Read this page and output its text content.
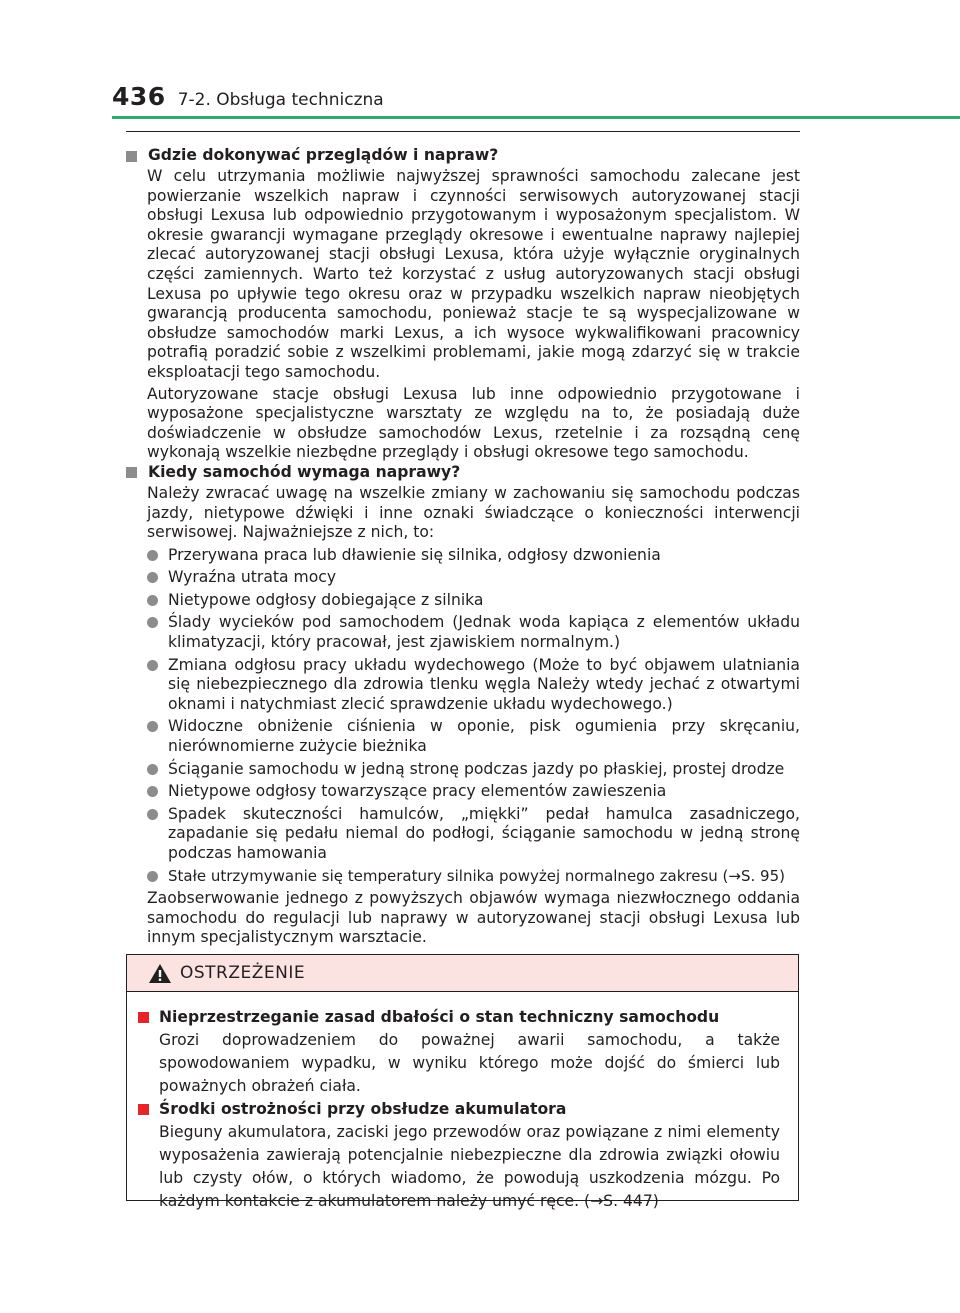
436 7-2. Obsługa techniczna
Gdzie dokonywać przeglądów i napraw?
W celu utrzymania możliwie najwyższej sprawności samochodu zalecane jest powierzanie wszelkich napraw i czynności serwisowych autoryzowanej stacji obsługi Lexusa lub odpowiednio przygotowanym i wyposażonym specjalistom. W okresie gwarancji wymagane przeglądy okresowe i ewentualne naprawy najlepiej zlecać autoryzowanej stacji obsługi Lexusa, która użyje wyłącznie oryginalnych części zamiennych. Warto też korzystać z usług autoryzowanych stacji obsługi Lexusa po upływie tego okresu oraz w przypadku wszelkich napraw nieobjętych gwarancją producenta samochodu, ponieważ stacje te są wyspecjalizowane w obsłudze samochodów marki Lexus, a ich wysoce wykwalifikowani pracownicy potrafią poradzić sobie z wszelkimi problemami, jakie mogą zdarzyć się w trakcie eksploatacji tego samochodu.
Autoryzowane stacje obsługi Lexusa lub inne odpowiednio przygotowane i wyposażone specjalistyczne warsztaty ze względu na to, że posiadają duże doświadczenie w obsłudze samochodów Lexus, rzetelnie i za rozsądną cenę wykonają wszelkie niezbędne przeglądy i obsługi okresowe tego samochodu.
Kiedy samochód wymaga naprawy?
Należy zwracać uwagę na wszelkie zmiany w zachowaniu się samochodu podczas jazdy, nietypowe dźwięki i inne oznaki świadczące o konieczności interwencji serwisowej. Najważniejsze z nich, to:
Przerywana praca lub dławienie się silnika, odgłosy dzwonienia
Wyraźna utrata mocy
Nietypowe odgłosy dobiegające z silnika
Ślady wycieków pod samochodem (Jednak woda kapiąca z elementów układu klimatyzacji, który pracował, jest zjawiskiem normalnym.)
Zmiana odgłosu pracy układu wydechowego (Może to być objawem ulatniania się niebezpiecznego dla zdrowia tlenku węgla Należy wtedy jechać z otwartymi oknami i natychmiast zlecić sprawdzenie układu wydechowego.)
Widoczne obniżenie ciśnienia w oponie, pisk ogumienia przy skręcaniu, nierównomierne zużycie bieżnika
Ściąganie samochodu w jedną stronę podczas jazdy po płaskiej, prostej drodze
Nietypowe odgłosy towarzyszące pracy elementów zawieszenia
Spadek skuteczności hamulców, „miękki” pedał hamulca zasadniczego, zapadanie się pedału niemal do podłogi, ściąganie samochodu w jedną stronę podczas hamowania
Stałe utrzymywanie się temperatury silnika powyżej normalnego zakresu (→S. 95)
Zaobserwowanie jednego z powyższych objawów wymaga niezwłocznego oddania samochodu do regulacji lub naprawy w autoryzowanej stacji obsługi Lexusa lub innym specjalistycznym warsztacie.
OSTRZEŻENIE
Nieprzestrzeganie zasad dbałości o stan techniczny samochodu
Grozi doprowadzeniem do poważnej awarii samochodu, a także spowodowaniem wypadku, w wyniku którego może dojść do śmierci lub poważnych obrażeń ciała.
Środki ostrożności przy obsłudze akumulatora
Bieguny akumulatora, zaciski jego przewodów oraz powiązane z nimi elementy wyposażenia zawierają potencjalnie niebezpieczne dla zdrowia związki ołowiu lub czysty ołów, o których wiadomo, że powodują uszkodzenia mózgu. Po każdym kontakcie z akumulatorem należy umyć ręce. (→S. 447)
